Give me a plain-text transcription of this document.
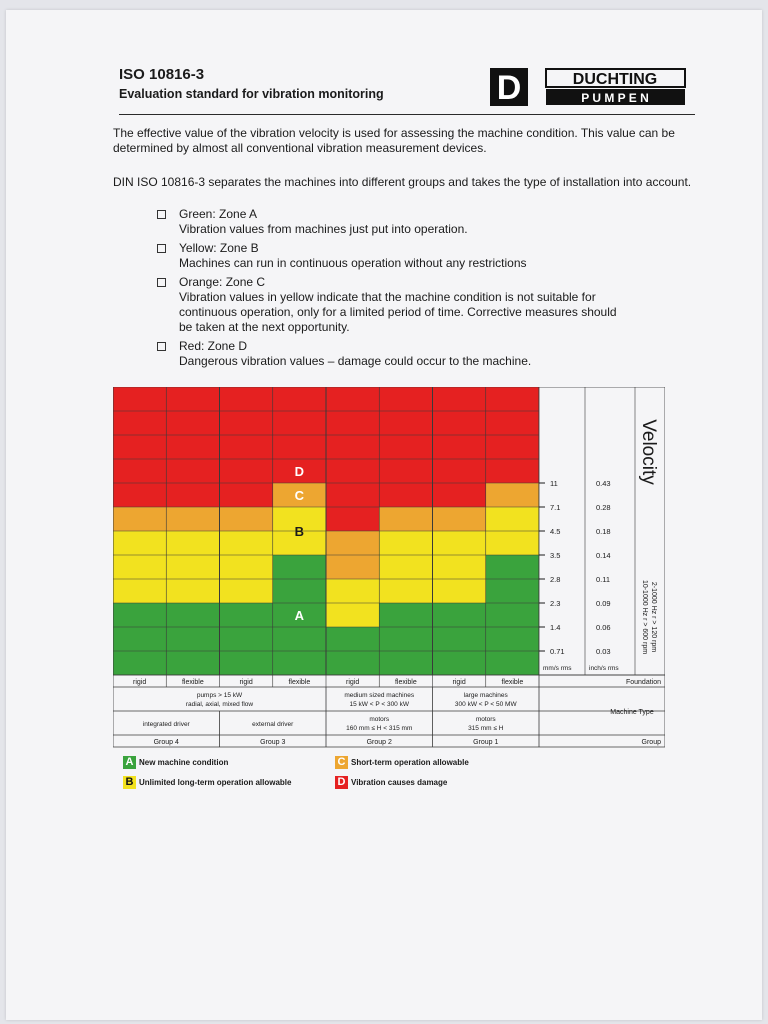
ISO 10816-3
Evaluation standard for vibration monitoring	D	DUCHTING
P U M P E N
The effective value of the vibration velocity is used for assessing the machine condition. This value can be determined by almost all conventional vibration measurement devices.
DIN ISO 10816-3 separates the machines into different groups and takes the type of installation into account.
Green: Zone A
Vibration values from machines just put into operation.
Yellow: Zone B
Machines can run in continuous operation without any restrictions
Orange: Zone C
Vibration values in yellow indicate that the machine condition is not suitable for
continuous operation, only for a limited period of time. Corrective measures should
be taken at the next opportunity.
Red: Zone D
Dangerous vibration values – damage could occur to the machine.
A
B
C
D
11	0.43
7.1	0.28
4.5	0.18
3.5	0.14
2.8	0.11
2.3	0.09
1.4	0.06
0.71	0.03
mm/s rms	inch/s rms
Velocity
10-1000 Hz r > 600 rpm 2-1000 Hz r > 120 rpm
rigid	flexible	rigid	flexible	rigid	flexible	rigid	flexible	Foundation
pumps > 15 kW
radial, axial, mixed flow
medium sized machines
15 kW < P < 300 kW
large machines
300 kW < P < 50 MW
Machine Type
integrated driver	external driver
motors
160 mm ≤ H < 315 mm
motors
315 mm ≤ H
Group 4	Group 3	Group 2	Group 1	Group
A New machine condition	C Short-term operation allowable
B Unlimited long-term operation allowable	D Vibration causes damage
